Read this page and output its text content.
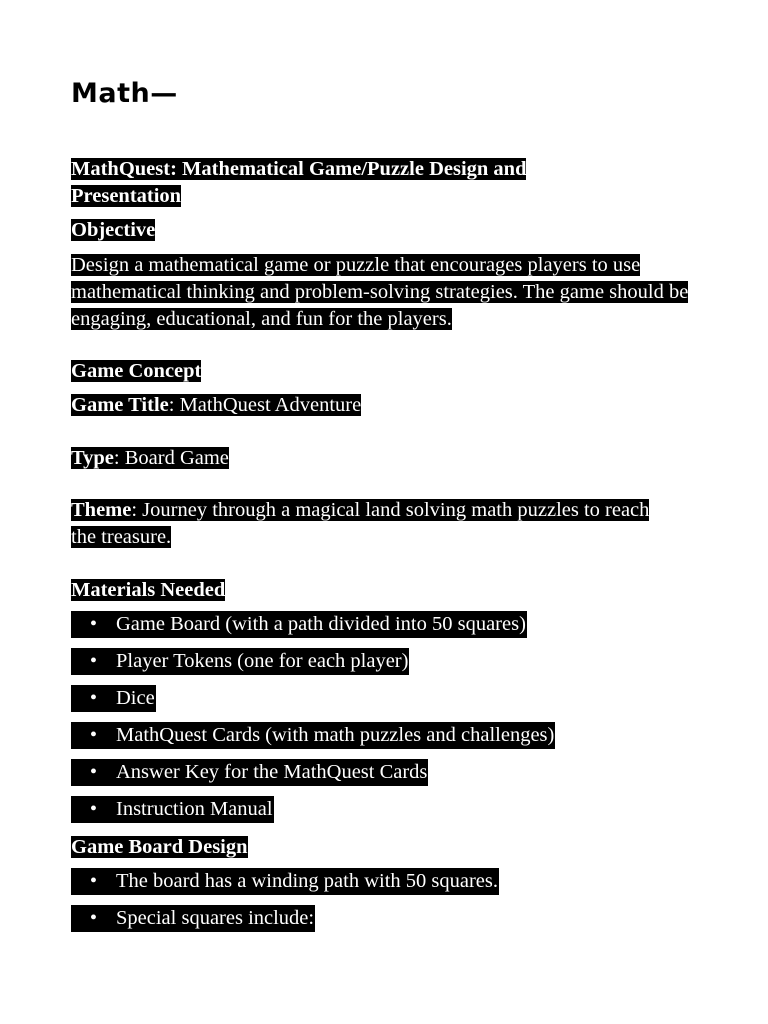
Math—

MathQuest: Mathematical Game/Puzzle Design and Presentation

Objective

Design a mathematical game or puzzle that encourages players to use mathematical thinking and problem-solving strategies. The game should be engaging, educational, and fun for the players.

Game Concept

Game Title: MathQuest Adventure

Type: Board Game

Theme: Journey through a magical land solving math puzzles to reach the treasure.

Materials Needed

• Game Board (with a path divided into 50 squares)
• Player Tokens (one for each player)
• Dice
• MathQuest Cards (with math puzzles and challenges)
• Answer Key for the MathQuest Cards
• Instruction Manual

Game Board Design

• The board has a winding path with 50 squares.
• Special squares include:
